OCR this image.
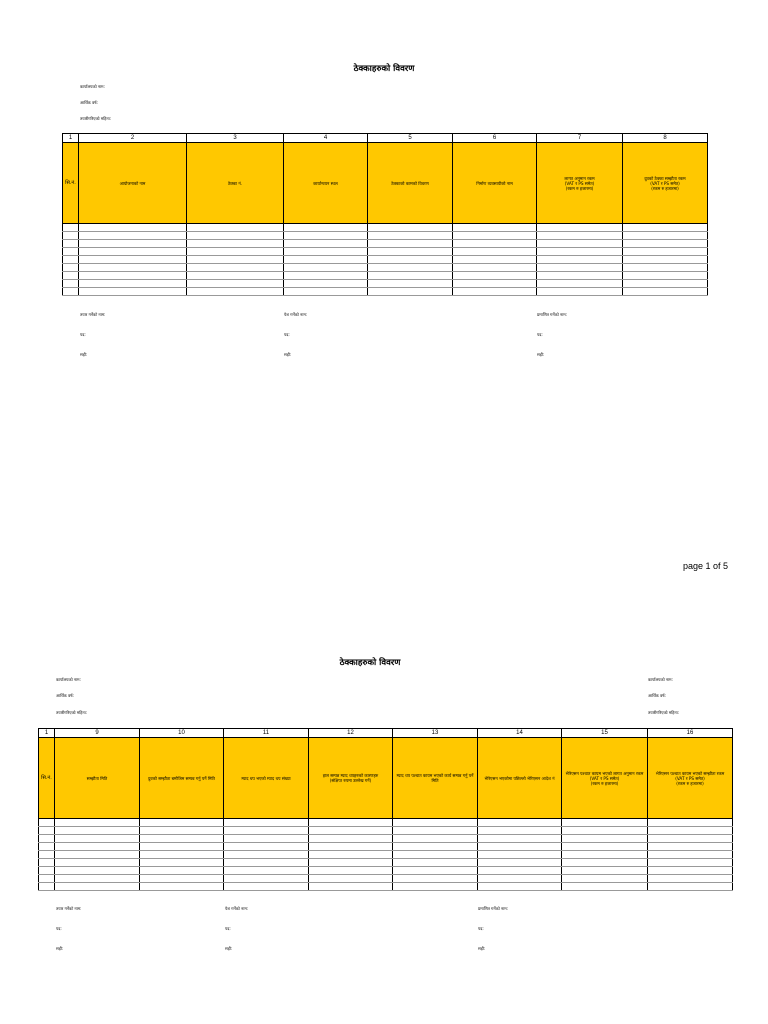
ठेक्काहरुको विवरण
कार्यालयको नाम:
आर्थिक वर्ष:
तयारीगरिएको महिना:
1	2	3	4	5	6	7	8
सि.नं.	आयोजनाको नाम	ठेक्का नं.	कार्यान्वयन स्थल	ठेक्काको कामको विवरण	निर्माण व्यवसायीको नाम	लागत अनुमान रकम
(VAT र PS समेत)
(रकम रु हजारमा)	दुवको ठेक्का सम्झौता रकम
(VAT र PS समेत)
(रकम रु हजारमा)

तयार गर्नेको नाम:
पद:
सही:
पेश गर्नेको नाम:
पद:
सही:
प्रमाणित गर्नेको नाम:
पद:
सही:
page 1 of 5
ठेक्काहरुको विवरण
कार्यालयको नाम:
आर्थिक वर्ष:
तयारीगरिएको महिना:
कार्यालयको नाम:
आर्थिक वर्ष:
तयारीगरिएको महिना:
1	9	10	11	12	13	14	15	16
सि.नं.	सम्झौता मिति	दुवको सम्झौता बमोजिम सम्पन्न गर्नु पर्ने मिति	म्याद थप भएको म्याद थप संख्या	हाल सम्पन्न म्याद थपहरुको कारणहरु
(संक्षिप्त रुपमा उल्लेख गर्ने)	म्याद थप पश्चात कायम भएको कार्य सम्पन्न गर्नु पर्ने मिति	भेरिएसन भएकोमा पछिल्लो भेरिएसन आदेश नं	भेरिएसन पश्चात कायम भएको लागत अनुमान रकम
(VAT र PS समेत)
(रकम रु हजारमा)	भेरिएसन पश्चात कायम भएको सम्झौता रकम
(VAT र PS समेत)
(रकम रु हजारमा)

तयार गर्नेको नाम:
पद:
सही:
पेश गर्नेको नाम:
पद:
सही:
प्रमाणित गर्नेको नाम:
पद:
सही:
